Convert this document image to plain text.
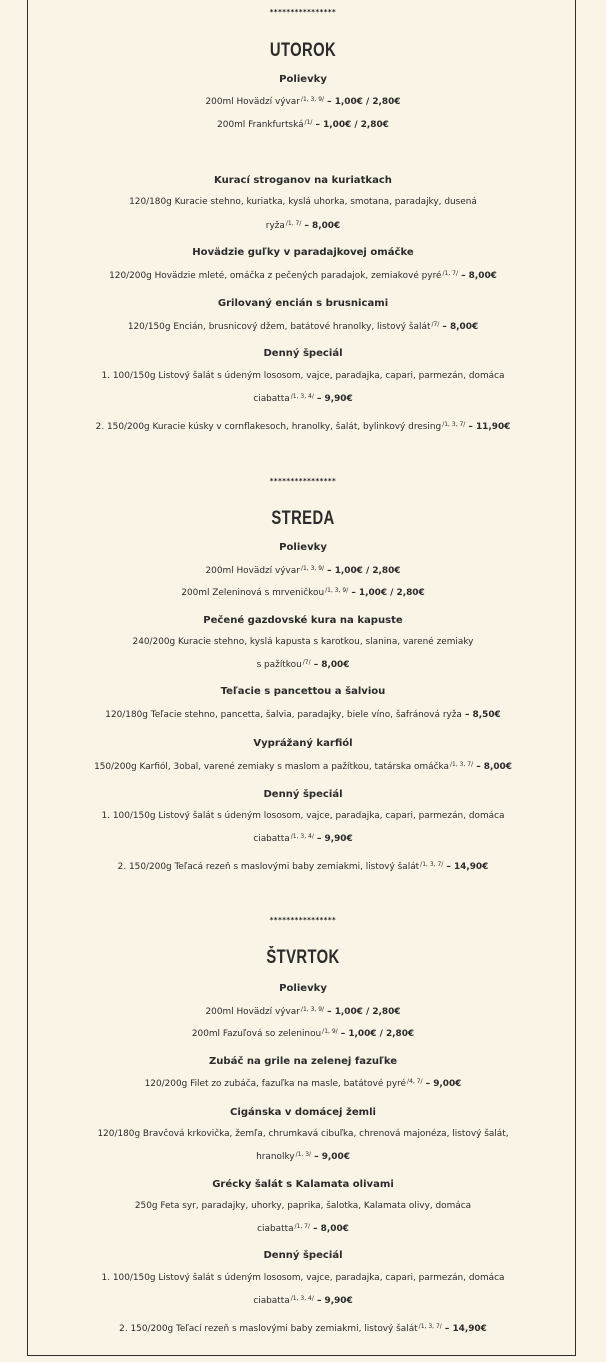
****************
UTOROK
Polievky
200ml Hovädzí vývar$^{/1, 3, 9/}$ – 1,00€ / 2,80€
200ml Frankfurtská$^{/1/}$ – 1,00€ / 2,80€
Kurací stroganov na kuriatkach
120/180g Kuracie stehno, kuriatka, kyslá uhorka, smotana, paradajky, dusená
ryža$^{/1, 7/}$ – 8,00€
Hovädzie guľky v paradajkovej omáčke
120/200g Hovädzie mleté, omáčka z pečených paradajok, zemiakové pyré$^{/1, 7/}$ – 8,00€
Grilovaný encián s brusnicami
120/150g Encián, brusnicový džem, batátové hranolky, listový šalát$^{/7/}$ – 8,00€
Denný špeciál
1. 100/150g Listový šalát s údeným lososom, vajce, paradajka, capari, parmezán, domáca
ciabatta$^{/1, 3, 4/}$ – 9,90€
2. 150/200g Kuracie kúsky v cornflakesoch, hranolky, šalát, bylinkový dresing$^{/1, 3, 7/}$ – 11,90€
****************
STREDA
Polievky
200ml Hovädzí vývar$^{/1, 3, 9/}$ – 1,00€ / 2,80€
200ml Zeleninová s mrveničkou$^{/1, 3, 9/}$ – 1,00€ / 2,80€
Pečené gazdovské kura na kapuste
240/200g Kuracie stehno, kyslá kapusta s karotkou, slanina, varené zemiaky
s pažítkou$^{/7/}$ – 8,00€
Teľacie s pancettou a šalviou
120/180g Teľacie stehno, pancetta, šalvia, paradajky, biele víno, šafránová ryža – 8,50€
Vyprážaný karfiól
150/200g Karfiól, 3obal, varené zemiaky s maslom a pažítkou, tatárska omáčka$^{/1, 3, 7/}$ – 8,00€
Denný špeciál
1. 100/150g Listový šalát s údeným lososom, vajce, paradajka, capari, parmezán, domáca
ciabatta$^{/1, 3, 4/}$ – 9,90€
2. 150/200g Teľacá rezeň s maslovými baby zemiakmi, listový šalát$^{/1, 3, 7/}$ – 14,90€
****************
ŠTVRTOK
Polievky
200ml Hovädzí vývar$^{/1, 3, 9/}$ – 1,00€ / 2,80€
200ml Fazuľová so zeleninou$^{/1, 9/}$ – 1,00€ / 2,80€
Zubáč na grile na zelenej fazuľke
120/200g Filet zo zubáča, fazuľka na masle, batátové pyré$^{/4, 7/}$ – 9,00€
Cigánska v domácej žemli
120/180g Bravčová krkovička, žemľa, chrumkavá cibuľka, chrenová majonéza, listový šalát,
hranolky$^{/1, 3/}$ – 9,00€
Grécky šalát s Kalamata olivami
250g Feta syr, paradajky, uhorky, paprika, šalotka, Kalamata olivy, domáca
ciabatta$^{/1, 7/}$ – 8,00€
Denný špeciál
1. 100/150g Listový šalát s údeným lososom, vajce, paradajka, capari, parmezán, domáca
ciabatta$^{/1, 3, 4/}$ – 9,90€
2. 150/200g Teľací rezeň s maslovými baby zemiakmi, listový šalát$^{/1, 3, 7/}$ – 14,90€
